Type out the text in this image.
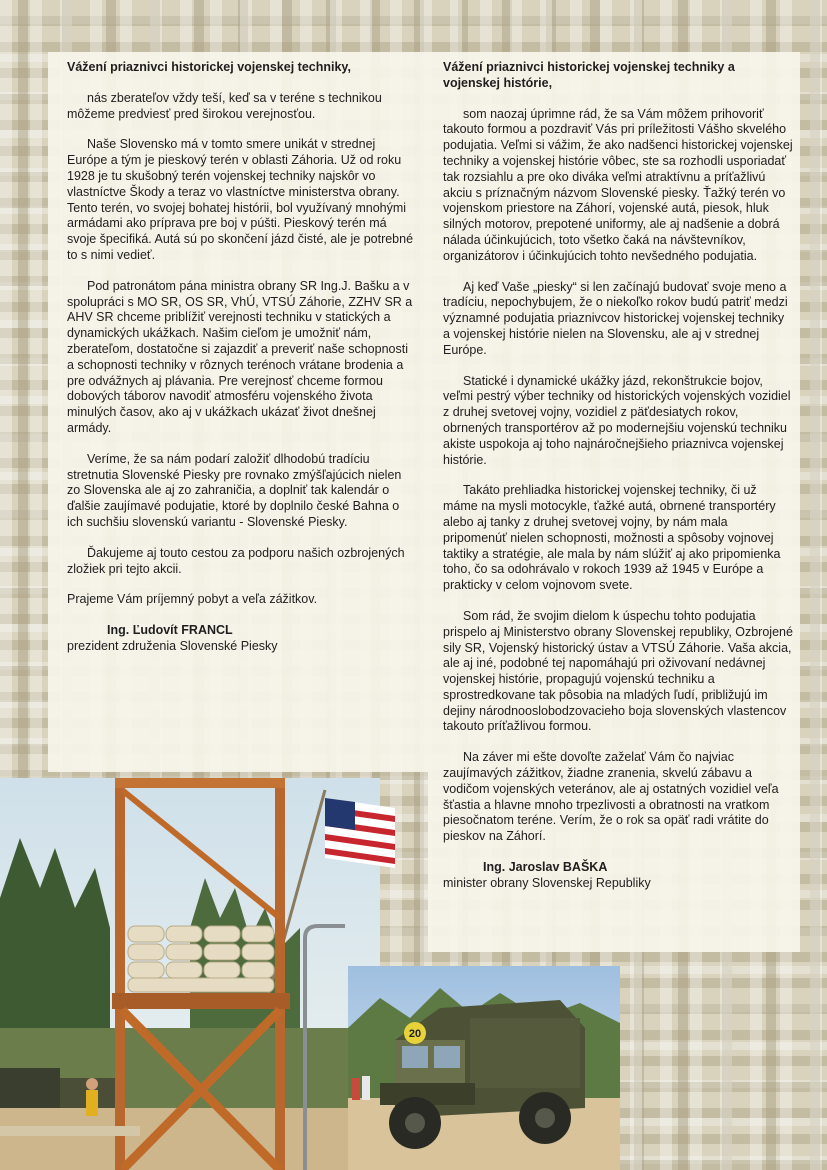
Vážení priaznivci historickej vojenskej techniky,
nás zberateľov vždy teší, keď sa v teréne s technikou môžeme predviesť pred širokou verejnosťou.
Naše Slovensko má v tomto smere unikát v strednej Európe a tým je pieskový terén v oblasti Záhoria. Už od roku 1928 je tu skušobný terén vojenskej techniky najskôr vo vlastníctve Škody a teraz vo vlastníctve ministerstva obrany. Tento terén, vo svojej bohatej histórii, bol využívaný mnohými armádami ako príprava pre boj v púšti. Pieskový terén má svoje špecifiká. Autá sú po skončení jázd čisté, ale je potrebné to s nimi vedieť.
Pod patronátom pána ministra obrany SR Ing.J. Bašku a v spolupráci s MO SR, OS SR, VhÚ, VTSÚ Záhorie, ZZHV SR a AHV SR chceme priblížiť verejnosti techniku v statických a dynamických ukážkach. Našim cieľom je umožniť nám, zberateľom, dostatočne si zajazdiť a preveriť naše schopnosti a schopnosti techniky v rôznych terénoch vrátane brodenia a pre odvážnych aj plávania. Pre verejnosť chceme formou dobových táborov navodiť atmosféru vojenského života minulých časov, ako aj v ukážkach ukázať život dnešnej armády.
Veríme, že sa nám podarí založiť dlhodobú tradíciu stretnutia Slovenské Piesky pre rovnako zmýšľajúcich nielen zo Slovenska ale aj zo zahraničia, a doplniť tak kalendár o ďalšie zaujímavé podujatie, ktoré by doplnilo české Bahna o ich suchšiu slovenskú variantu - Slovenské Piesky.
Ďakujeme aj touto cestou za podporu našich ozbrojených zložiek pri tejto akcii.
Prajeme Vám príjemný pobyt a veľa zážitkov.
Ing. Ľudovít FRANCL
prezident združenia Slovenské Piesky
Vážení priaznivci historickej vojenskej techniky a vojenskej histórie,
som naozaj úprimne rád, že sa Vám môžem prihovoriť takouto formou a pozdraviť Vás pri príležitosti Vášho skvelého podujatia. Veľmi si vážim, že ako nadšenci historickej vojenskej techniky a vojenskej histórie vôbec, ste sa rozhodli usporiadať tak rozsiahlu a pre oko diváka veľmi atraktívnu a príťažlivú akciu s príznačným názvom Slovenské piesky. Ťažký terén vo vojenskom priestore na Záhorí, vojenské autá, piesok, hluk silných motorov, prepotené uniformy, ale aj nadšenie a dobrá nálada účinkujúcich, toto všetko čaká na návštevníkov, organizátorov i účinkujúcich tohto nevšedného podujatia.
Aj keď Vaše „piesky“ si len začínajú budovať svoje meno a tradíciu, nepochybujem, že o niekoľko rokov budú patriť medzi významné podujatia priaznivcov historickej vojenskej techniky a vojenskej histórie nielen na Slovensku, ale aj v strednej Európe.
Statické i dynamické ukážky jázd, rekonštrukcie bojov, veľmi pestrý výber techniky od historických vojenských vozidiel z druhej svetovej vojny, vozidiel z päťdesiatych rokov, obrnených transportérov až po modernejšiu vojenskú techniku akiste uspokoja aj toho najnáročnejšieho priaznivca vojenskej histórie.
Takáto prehliadka historickej vojenskej techniky, či už máme na mysli motocykle, ťažké autá, obrnené transportéry alebo aj tanky z druhej svetovej vojny, by nám mala pripomenúť nielen schopnosti, možnosti a spôsoby vojnovej taktiky a stratégie, ale mala by nám slúžiť aj ako pripomienka toho, čo sa odohrávalo v rokoch 1939 až 1945 v Európe a prakticky v celom vojnovom svete.
Som rád, že svojim dielom k úspechu tohto podujatia prispelo aj Ministerstvo obrany Slovenskej republiky, Ozbrojené sily SR, Vojenský historický ústav a VTSÚ Záhorie. Vaša akcia, ale aj iné, podobné tej napomáhajú pri oživovaní nedávnej vojenskej histórie, propagujú vojenskú techniku a sprostredkovane tak pôsobia na mladých ľudí, približujú im dejiny národnooslobodzovacieho boja slovenských vlastencov takouto príťažlivou formou.
Na záver mi ešte dovoľte zaželať Vám čo najviac zaujímavých zážitkov, žiadne zranenia, skvelú zábavu a vodičom vojenských veteránov, ale aj ostatných vozidiel veľa šťastia a hlavne mnoho trpezlivosti a obratnosti na vratkom piesočnatom teréne. Verím, že o rok sa opäť radi vrátite do pieskov na Záhorí.
Ing. Jaroslav BAŠKA
minister obrany Slovenskej Republiky
20
